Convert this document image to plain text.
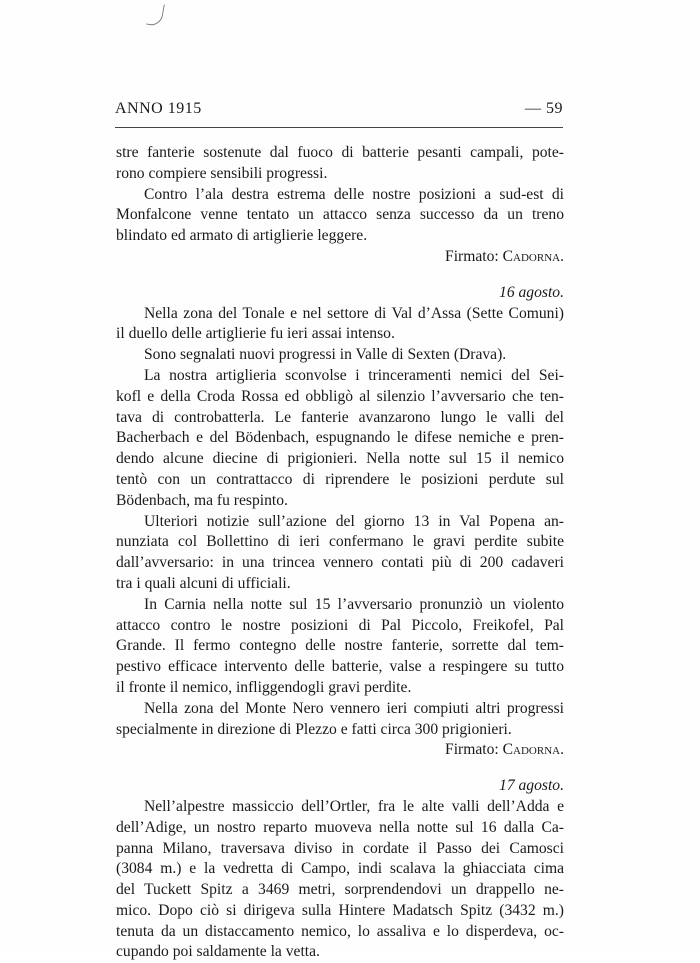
ANNO 1915	— 59
stre fanterie sostenute dal fuoco di batterie pesanti campali, pote-
rono compiere sensibili progressi.
Contro l’ala destra estrema delle nostre posizioni a sud-est di
Monfalcone venne tentato un attacco senza successo da un treno
blindato ed armato di artiglierie leggere.
Firmato: Cadorna.
16 agosto.
Nella zona del Tonale e nel settore di Val d’Assa (Sette Comuni)
il duello delle artiglierie fu ieri assai intenso.
Sono segnalati nuovi progressi in Valle di Sexten (Drava).
La nostra artiglieria sconvolse i trinceramenti nemici del Sei-
kofl e della Croda Rossa ed obbligò al silenzio l’avversario che ten-
tava di controbatterla. Le fanterie avanzarono lungo le valli del
Bacherbach e del Bödenbach, espugnando le difese nemiche e pren-
dendo alcune diecine di prigionieri. Nella notte sul 15 il nemico
tentò con un contrattacco di riprendere le posizioni perdute sul
Bödenbach, ma fu respinto.
Ulteriori notizie sull’azione del giorno 13 in Val Popena an-
nunziata col Bollettino di ieri confermano le gravi perdite subite
dall’avversario: in una trincea vennero contati più di 200 cadaveri
tra i quali alcuni di ufficiali.
In Carnia nella notte sul 15 l’avversario pronunziò un violento
attacco contro le nostre posizioni di Pal Piccolo, Freikofel, Pal
Grande. Il fermo contegno delle nostre fanterie, sorrette dal tem-
pestivo efficace intervento delle batterie, valse a respingere su tutto
il fronte il nemico, infliggendogli gravi perdite.
Nella zona del Monte Nero vennero ieri compiuti altri progressi
specialmente in direzione di Plezzo e fatti circa 300 prigionieri.
Firmato: Cadorna.
17 agosto.
Nell’alpestre massiccio dell’Ortler, fra le alte valli dell’Adda e
dell’Adige, un nostro reparto muoveva nella notte sul 16 dalla Ca-
panna Milano, traversava diviso in cordate il Passo dei Camosci
(3084 m.) e la vedretta di Campo, indi scalava la ghiacciata cima
del Tuckett Spitz a 3469 metri, sorprendendovi un drappello ne-
mico. Dopo ciò si dirigeva sulla Hintere Madatsch Spitz (3432 m.)
tenuta da un distaccamento nemico, lo assaliva e lo disperdeva, oc-
cupando poi saldamente la vetta.
